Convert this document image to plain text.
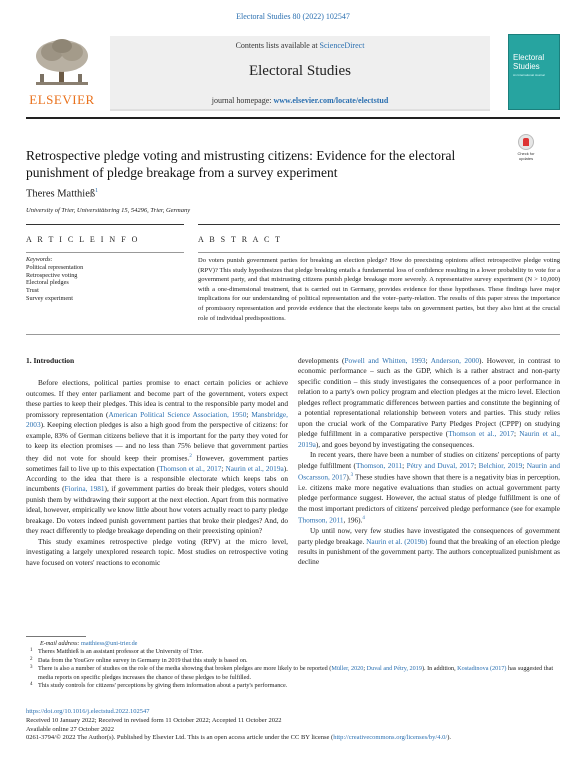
Electoral Studies 80 (2022) 102547
ELSEVIER
Contents lists available at ScienceDirect
Electoral Studies
journal homepage: www.elsevier.com/locate/electstud
Electoral Studies
An International Journal
Retrospective pledge voting and mistrusting citizens: Evidence for the electoral punishment of pledge breakage from a survey experiment
Check for updates
Theres Matthieß$^1$
University of Trier, Universitätsring 15, 54296, Trier, Germany
A R T I C L E I N F O	A B S T R A C T
Keywords:
Political representation
Retrospective voting
Electoral pledges
Trust
Survey experiment
Do voters punish government parties for breaking an election pledge? How do preexisting opinions affect retrospective pledge voting (RPV)? This study hypothesizes that pledge breaking entails a fundamental loss of confidence resulting in a lower probability to vote for a government party, and that mistrusting citizens punish pledge breakage more severely. A representative survey experiment (N > 10,000) with a one-dimensional treatment, that is carried out in Germany, provides evidence for these hypotheses. These findings have major implications for our understanding of political representation and the voter–party-relation. The results of this paper stress the importance of promissory representation and provide evidence that the electorate keeps tabs on government parties, but they also hint at the crucial role of individual predispositions.
1. Introduction

Before elections, political parties promise to enact certain policies or achieve outcomes. If they enter parliament and become part of the government, voters expect these parties to keep their pledges. This idea is central to the responsible party model and promissory representation (American Political Science Association, 1950; Mansbridge, 2003). Keeping election pledges is also a high good from the perspective of citizens: for example, 83% of German citizens believe that it is important for the party they voted for to keep its election promises — and no less than 75% believe that government parties they did not vote for should keep their promises.$^2$ However, government parties sometimes fail to live up to this expectation (Thomson et al., 2017; Naurin et al., 2019a). According to the idea that there is a responsible electorate which keeps tabs on incumbents (Fiorina, 1981), if government parties do break their pledges, voters should punish them by withdrawing their support at the next election. Apart from this normative ideal, however, empirically we know little about how voters actually react to party pledge breakage. Do voters indeed punish government parties that broke their pledges? And, do they react differently to pledge breakage depending on their preexisting opinion?

This study examines retrospective pledge voting (RPV) at the micro level, investigating a largely unexplored research topic. Most studies on retrospective voting have focused on voters' reactions to economic

developments (Powell and Whitten, 1993; Anderson, 2000). However, in contrast to economic performance – such as the GDP, which is a rather abstract and non-party specific condition – this study investigates the consequences of a poor performance in relation to a party's own policy program and election pledges at the micro level. Election pledges reflect programmatic differences between parties and constitute the beginning of a potential representational relationship between voters and parties. This study relies upon the crucial work of the Comparative Party Pledges Project (CPPP) on studying pledge fulfillment in a comparative perspective (Thomson et al., 2017; Naurin et al., 2019a), and goes beyond by investigating the consequences.

In recent years, there have been a number of studies on citizens' perceptions of party pledge fulfillment (Thomson, 2011; Pétry and Duval, 2017; Belchior, 2019; Naurin and Oscarsson, 2017).$^3$ These studies have shown that there is a negativity bias in perception, i.e. citizens make more negative evaluations than studies on actual government party pledge performance suggest. However, the actual status of pledge fulfillment is one of the most important predictors of citizens' perceived pledge performance (see for example Thomson, 2011, 196).$^4$

Up until now, very few studies have investigated the consequences of government party pledge breakage. Naurin et al. (2019b) found that the breaking of an election pledge results in punishment of the government party. The authors conceptualized punishment as decline

E-mail address: matthiess@uni-trier.de
1 Theres Matthieß is an assistant professor at the University of Trier.
2 Data from the YouGov online survey in Germany in 2019 that this study is based on.
3 There is also a number of studies on the role of the media showing that broken pledges are more likely to be reported (Müller, 2020; Duval and Pétry, 2019). In addition, Kostadinova (2017) has suggested that media reports on specific pledges increases the chance of these pledges to be fulfilled.
4 This study controls for citizens' perceptions by giving them information about a party's performance.
https://doi.org/10.1016/j.electstud.2022.102547
Received 10 January 2022; Received in revised form 11 October 2022; Accepted 11 October 2022
Available online 27 October 2022
0261-3794/© 2022 The Author(s). Published by Elsevier Ltd. This is an open access article under the CC BY license (http://creativecommons.org/licenses/by/4.0/).
